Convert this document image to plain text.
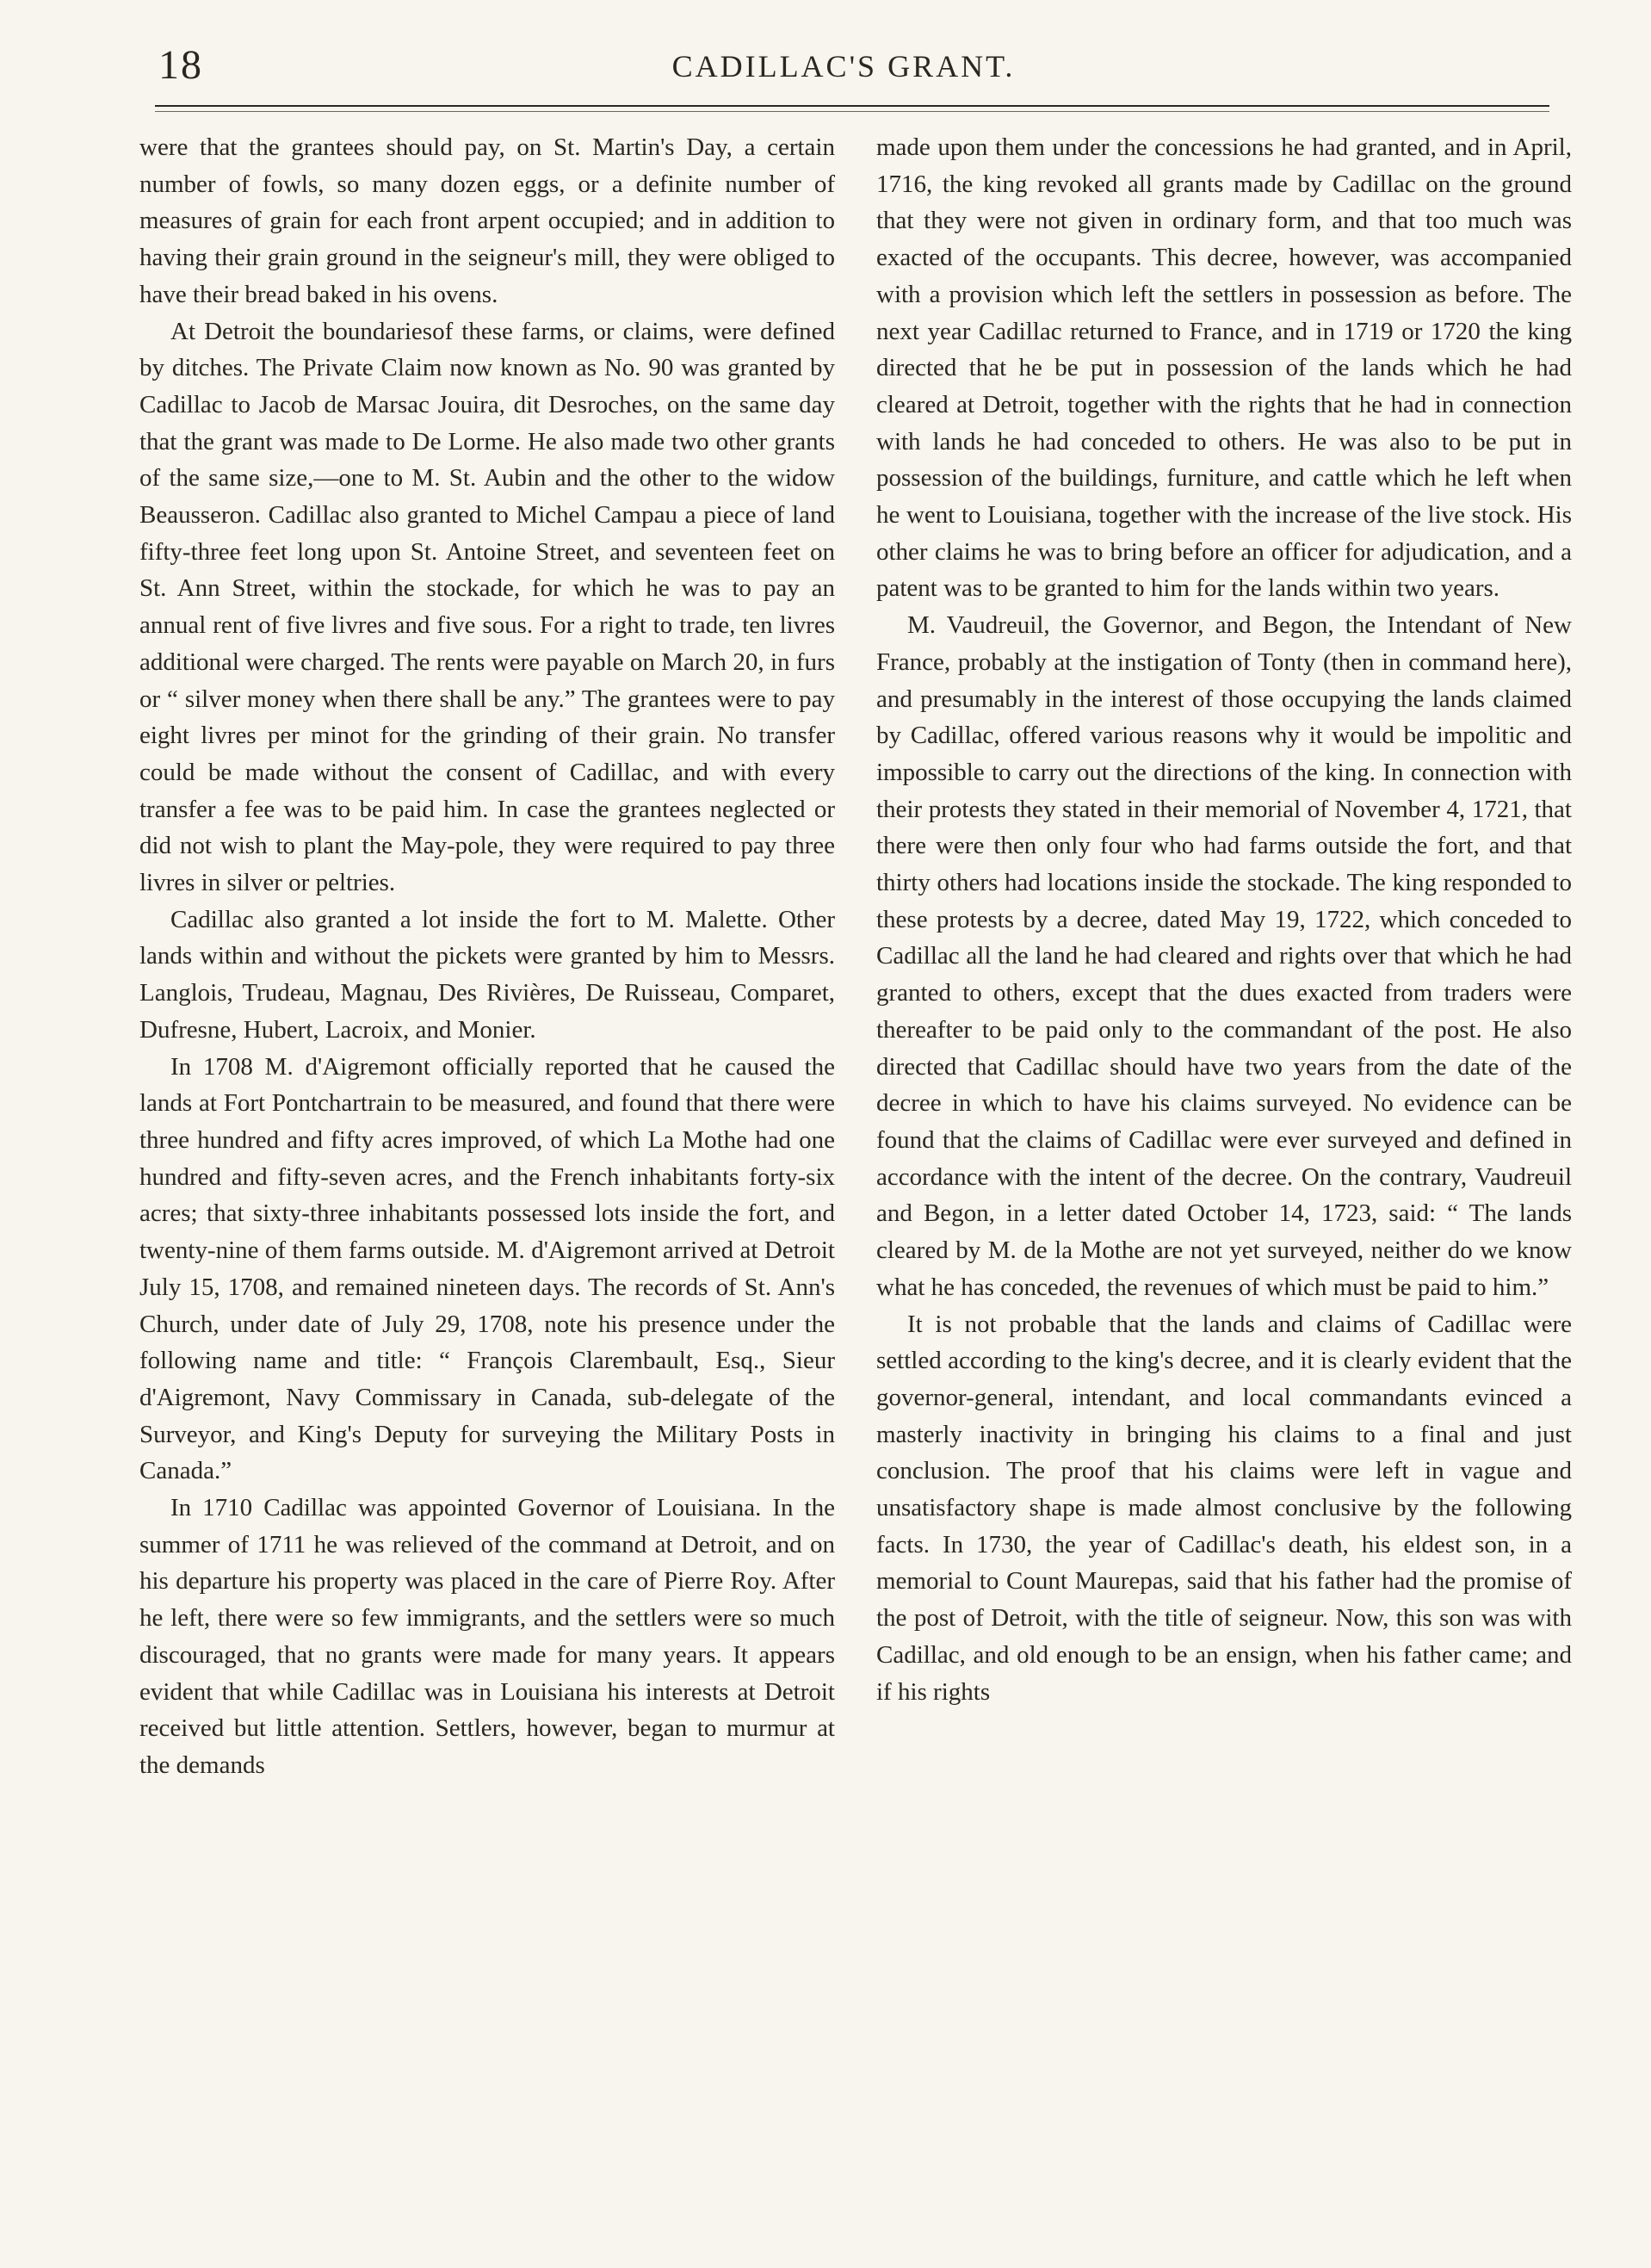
18	CADILLAC'S GRANT.

were that the grantees should pay, on St. Martin's Day, a certain number of fowls, so many dozen eggs, or a definite number of measures of grain for each front arpent occupied; and in addition to having their grain ground in the seigneur's mill, they were obliged to have their bread baked in his ovens.

At Detroit the boundariesof these farms, or claims, were defined by ditches. The Private Claim now known as No. 90 was granted by Cadillac to Jacob de Marsac Jouira, dit Desroches, on the same day that the grant was made to De Lorme. He also made two other grants of the same size,—one to M. St. Aubin and the other to the widow Beausseron. Cadillac also granted to Michel Campau a piece of land fifty-three feet long upon St. Antoine Street, and seventeen feet on St. Ann Street, within the stockade, for which he was to pay an annual rent of five livres and five sous. For a right to trade, ten livres additional were charged. The rents were payable on March 20, in furs or “ silver money when there shall be any.” The grantees were to pay eight livres per minot for the grinding of their grain. No transfer could be made without the consent of Cadillac, and with every transfer a fee was to be paid him. In case the grantees neglected or did not wish to plant the May-pole, they were required to pay three livres in silver or peltries.

Cadillac also granted a lot inside the fort to M. Malette. Other lands within and without the pickets were granted by him to Messrs. Langlois, Trudeau, Magnau, Des Rivières, De Ruisseau, Comparet, Dufresne, Hubert, Lacroix, and Monier.

In 1708 M. d'Aigremont officially reported that he caused the lands at Fort Pontchartrain to be measured, and found that there were three hundred and fifty acres improved, of which La Mothe had one hundred and fifty-seven acres, and the French inhabitants forty-six acres; that sixty-three inhabitants possessed lots inside the fort, and twenty-nine of them farms outside. M. d'Aigremont arrived at Detroit July 15, 1708, and remained nineteen days. The records of St. Ann's Church, under date of July 29, 1708, note his presence under the following name and title: “ François Clarembault, Esq., Sieur d'Aigremont, Navy Commissary in Canada, sub-delegate of the Surveyor, and King's Deputy for surveying the Military Posts in Canada.”

In 1710 Cadillac was appointed Governor of Louisiana. In the summer of 1711 he was relieved of the command at Detroit, and on his departure his property was placed in the care of Pierre Roy. After he left, there were so few immigrants, and the settlers were so much discouraged, that no grants were made for many years. It appears evident that while Cadillac was in Louisiana his interests at Detroit received but little attention. Settlers, however, began to murmur at the demands

made upon them under the concessions he had granted, and in April, 1716, the king revoked all grants made by Cadillac on the ground that they were not given in ordinary form, and that too much was exacted of the occupants. This decree, however, was accompanied with a provision which left the settlers in possession as before. The next year Cadillac returned to France, and in 1719 or 1720 the king directed that he be put in possession of the lands which he had cleared at Detroit, together with the rights that he had in connection with lands he had conceded to others. He was also to be put in possession of the buildings, furniture, and cattle which he left when he went to Louisiana, together with the increase of the live stock. His other claims he was to bring before an officer for adjudication, and a patent was to be granted to him for the lands within two years.

M. Vaudreuil, the Governor, and Begon, the Intendant of New France, probably at the instigation of Tonty (then in command here), and presumably in the interest of those occupying the lands claimed by Cadillac, offered various reasons why it would be impolitic and impossible to carry out the directions of the king. In connection with their protests they stated in their memorial of November 4, 1721, that there were then only four who had farms outside the fort, and that thirty others had locations inside the stockade. The king responded to these protests by a decree, dated May 19, 1722, which conceded to Cadillac all the land he had cleared and rights over that which he had granted to others, except that the dues exacted from traders were thereafter to be paid only to the commandant of the post. He also directed that Cadillac should have two years from the date of the decree in which to have his claims surveyed. No evidence can be found that the claims of Cadillac were ever surveyed and defined in accordance with the intent of the decree. On the contrary, Vaudreuil and Begon, in a letter dated October 14, 1723, said: “ The lands cleared by M. de la Mothe are not yet surveyed, neither do we know what he has conceded, the revenues of which must be paid to him.”

It is not probable that the lands and claims of Cadillac were settled according to the king's decree, and it is clearly evident that the governor-general, intendant, and local commandants evinced a masterly inactivity in bringing his claims to a final and just conclusion. The proof that his claims were left in vague and unsatisfactory shape is made almost conclusive by the following facts. In 1730, the year of Cadillac's death, his eldest son, in a memorial to Count Maurepas, said that his father had the promise of the post of Detroit, with the title of seigneur. Now, this son was with Cadillac, and old enough to be an ensign, when his father came; and if his rights
